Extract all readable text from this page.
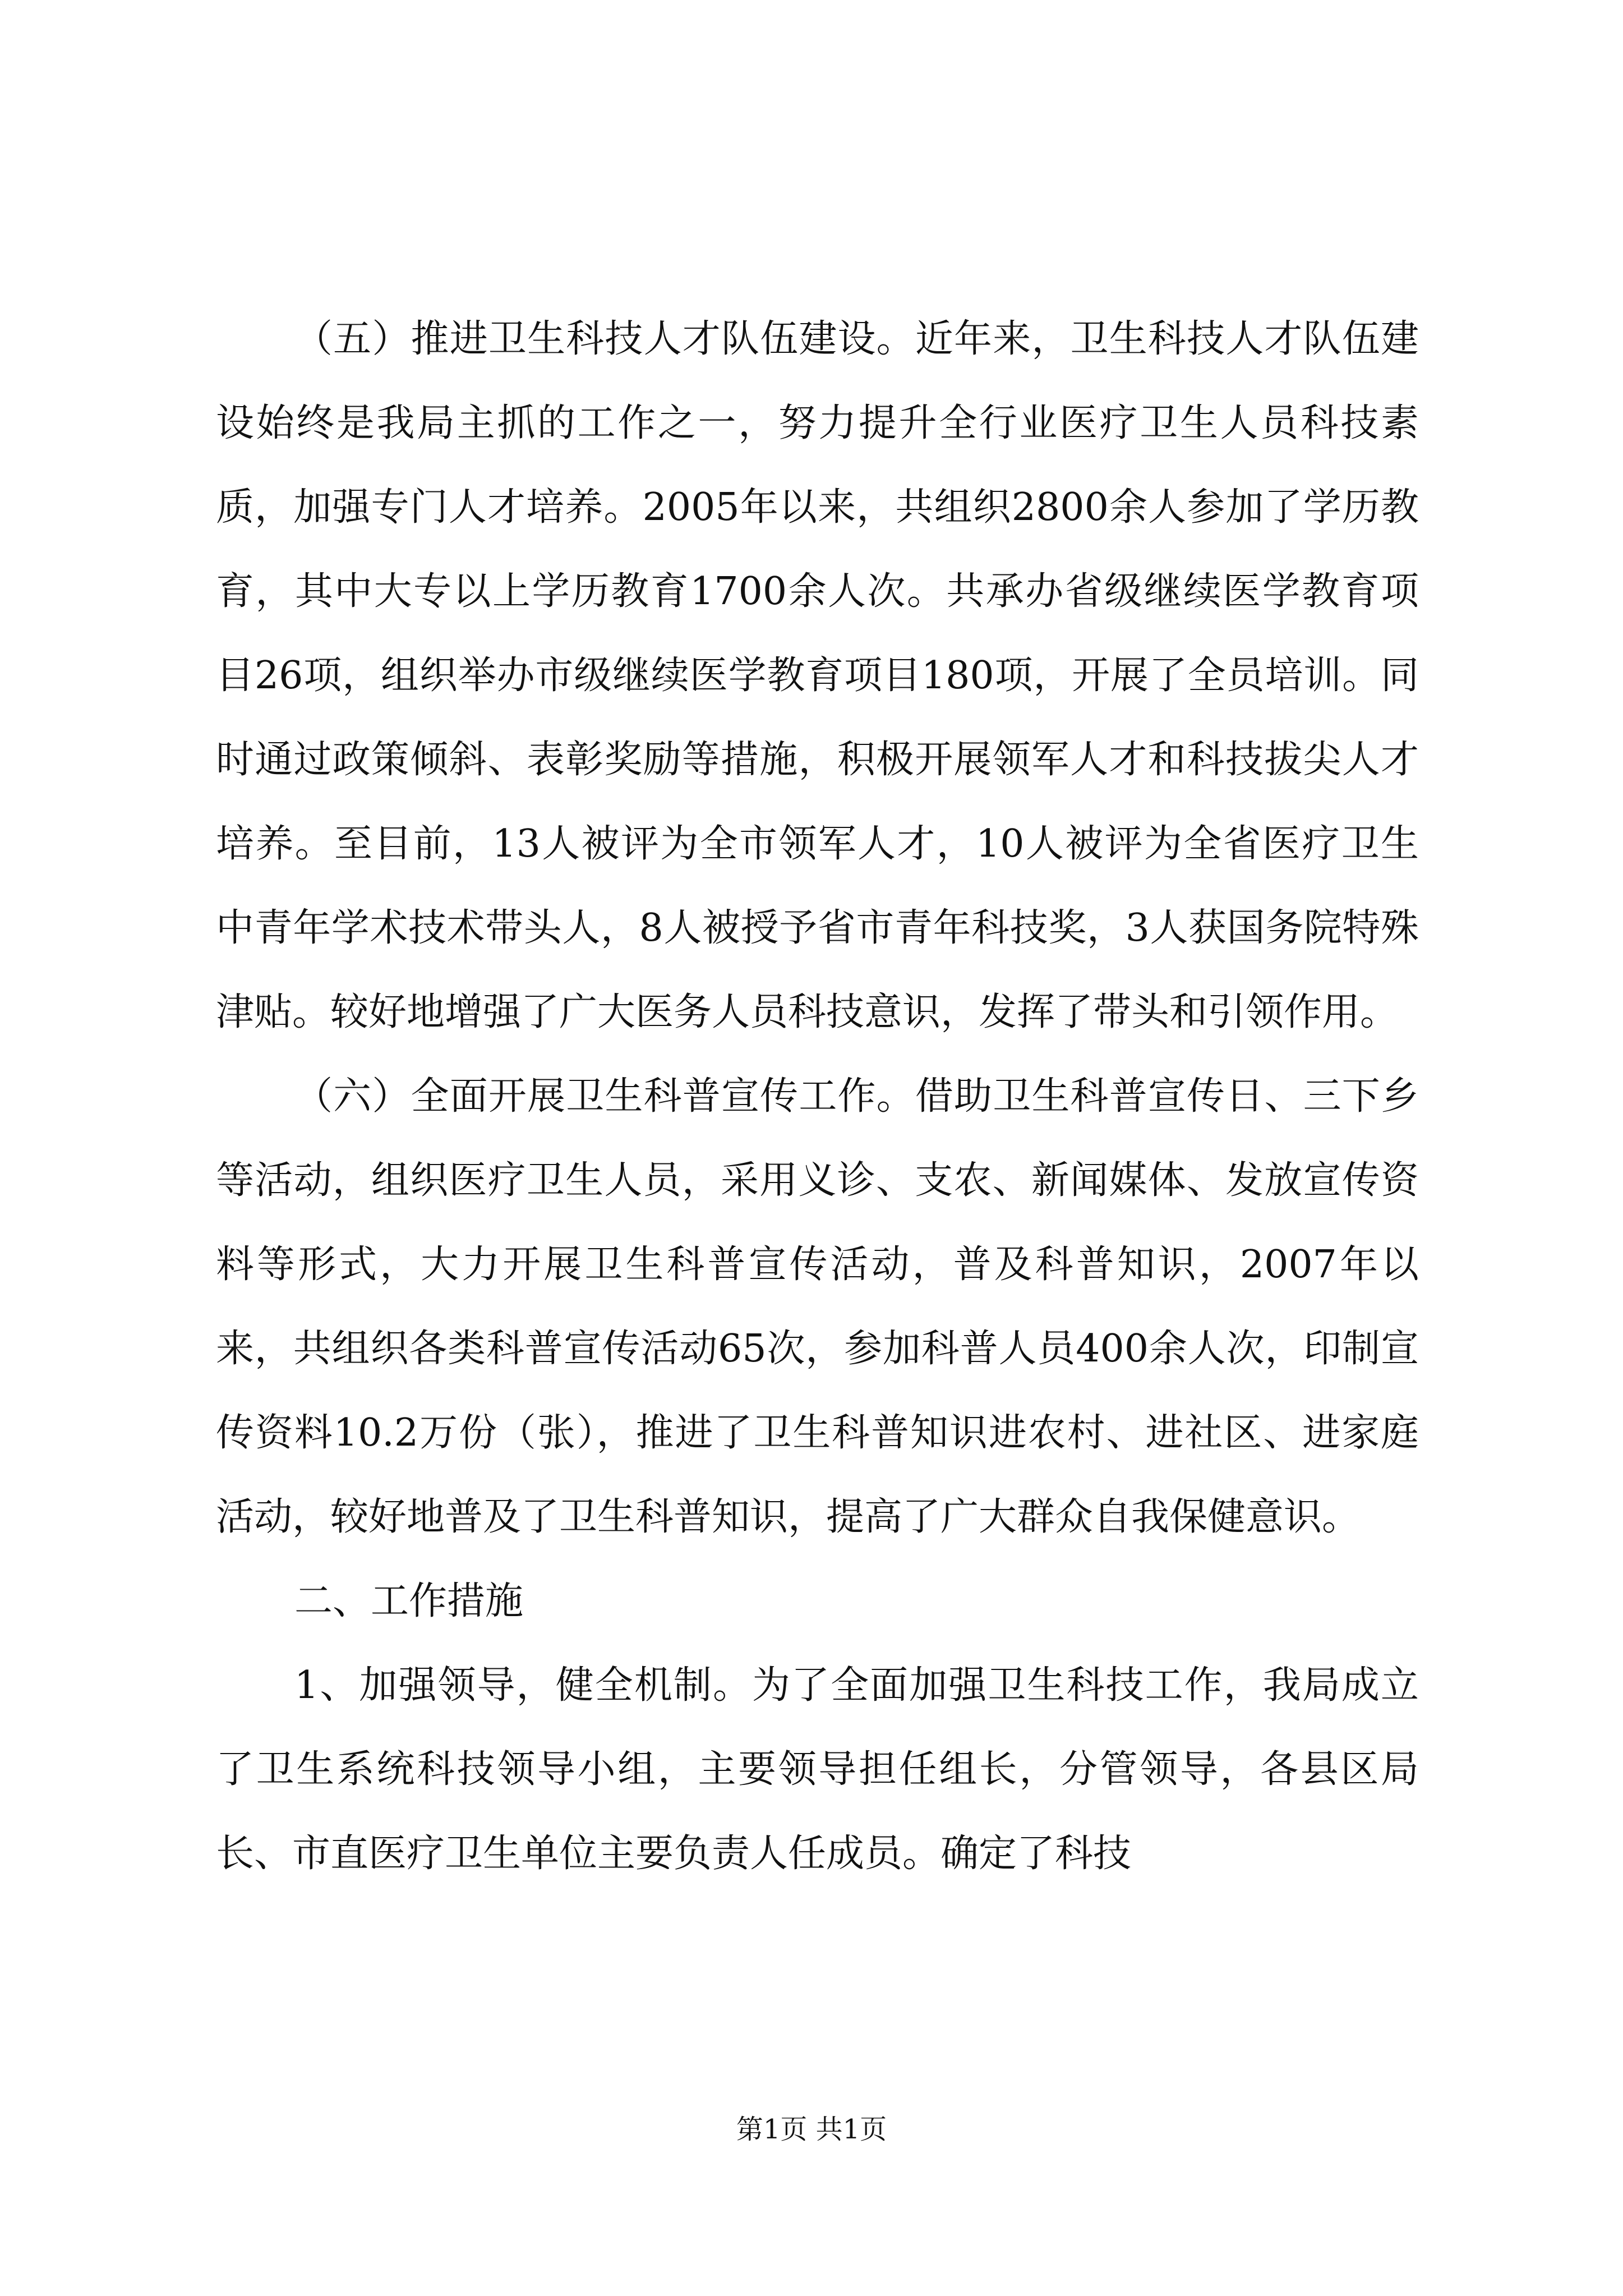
（五）推进卫生科技人才队伍建设。近年来，卫生科技人才队伍建设始终是我局主抓的工作之一，努力提升全行业医疗卫生人员科技素质，加强专门人才培养。2005年以来，共组织2800余人参加了学历教育，其中大专以上学历教育1700余人次。共承办省级继续医学教育项目26项，组织举办市级继续医学教育项目180项，开展了全员培训。同时通过政策倾斜、表彰奖励等措施，积极开展领军人才和科技拔尖人才培养。至目前，13人被评为全市领军人才，10人被评为全省医疗卫生中青年学术技术带头人，8人被授予省市青年科技奖，3人获国务院特殊津贴。较好地增强了广大医务人员科技意识，发挥了带头和引领作用。

（六）全面开展卫生科普宣传工作。借助卫生科普宣传日、三下乡等活动，组织医疗卫生人员，采用义诊、支农、新闻媒体、发放宣传资料等形式，大力开展卫生科普宣传活动，普及科普知识，2007年以来，共组织各类科普宣传活动65次，参加科普人员400余人次，印制宣传资料10.2万份（张），推进了卫生科普知识进农村、进社区、进家庭活动，较好地普及了卫生科普知识，提高了广大群众自我保健意识。

二、工作措施

1、加强领导，健全机制。为了全面加强卫生科技工作，我局成立了卫生系统科技领导小组，主要领导担任组长，分管领导，各县区局长、市直医疗卫生单位主要负责人任成员。确定了科技

第1页 共1页
